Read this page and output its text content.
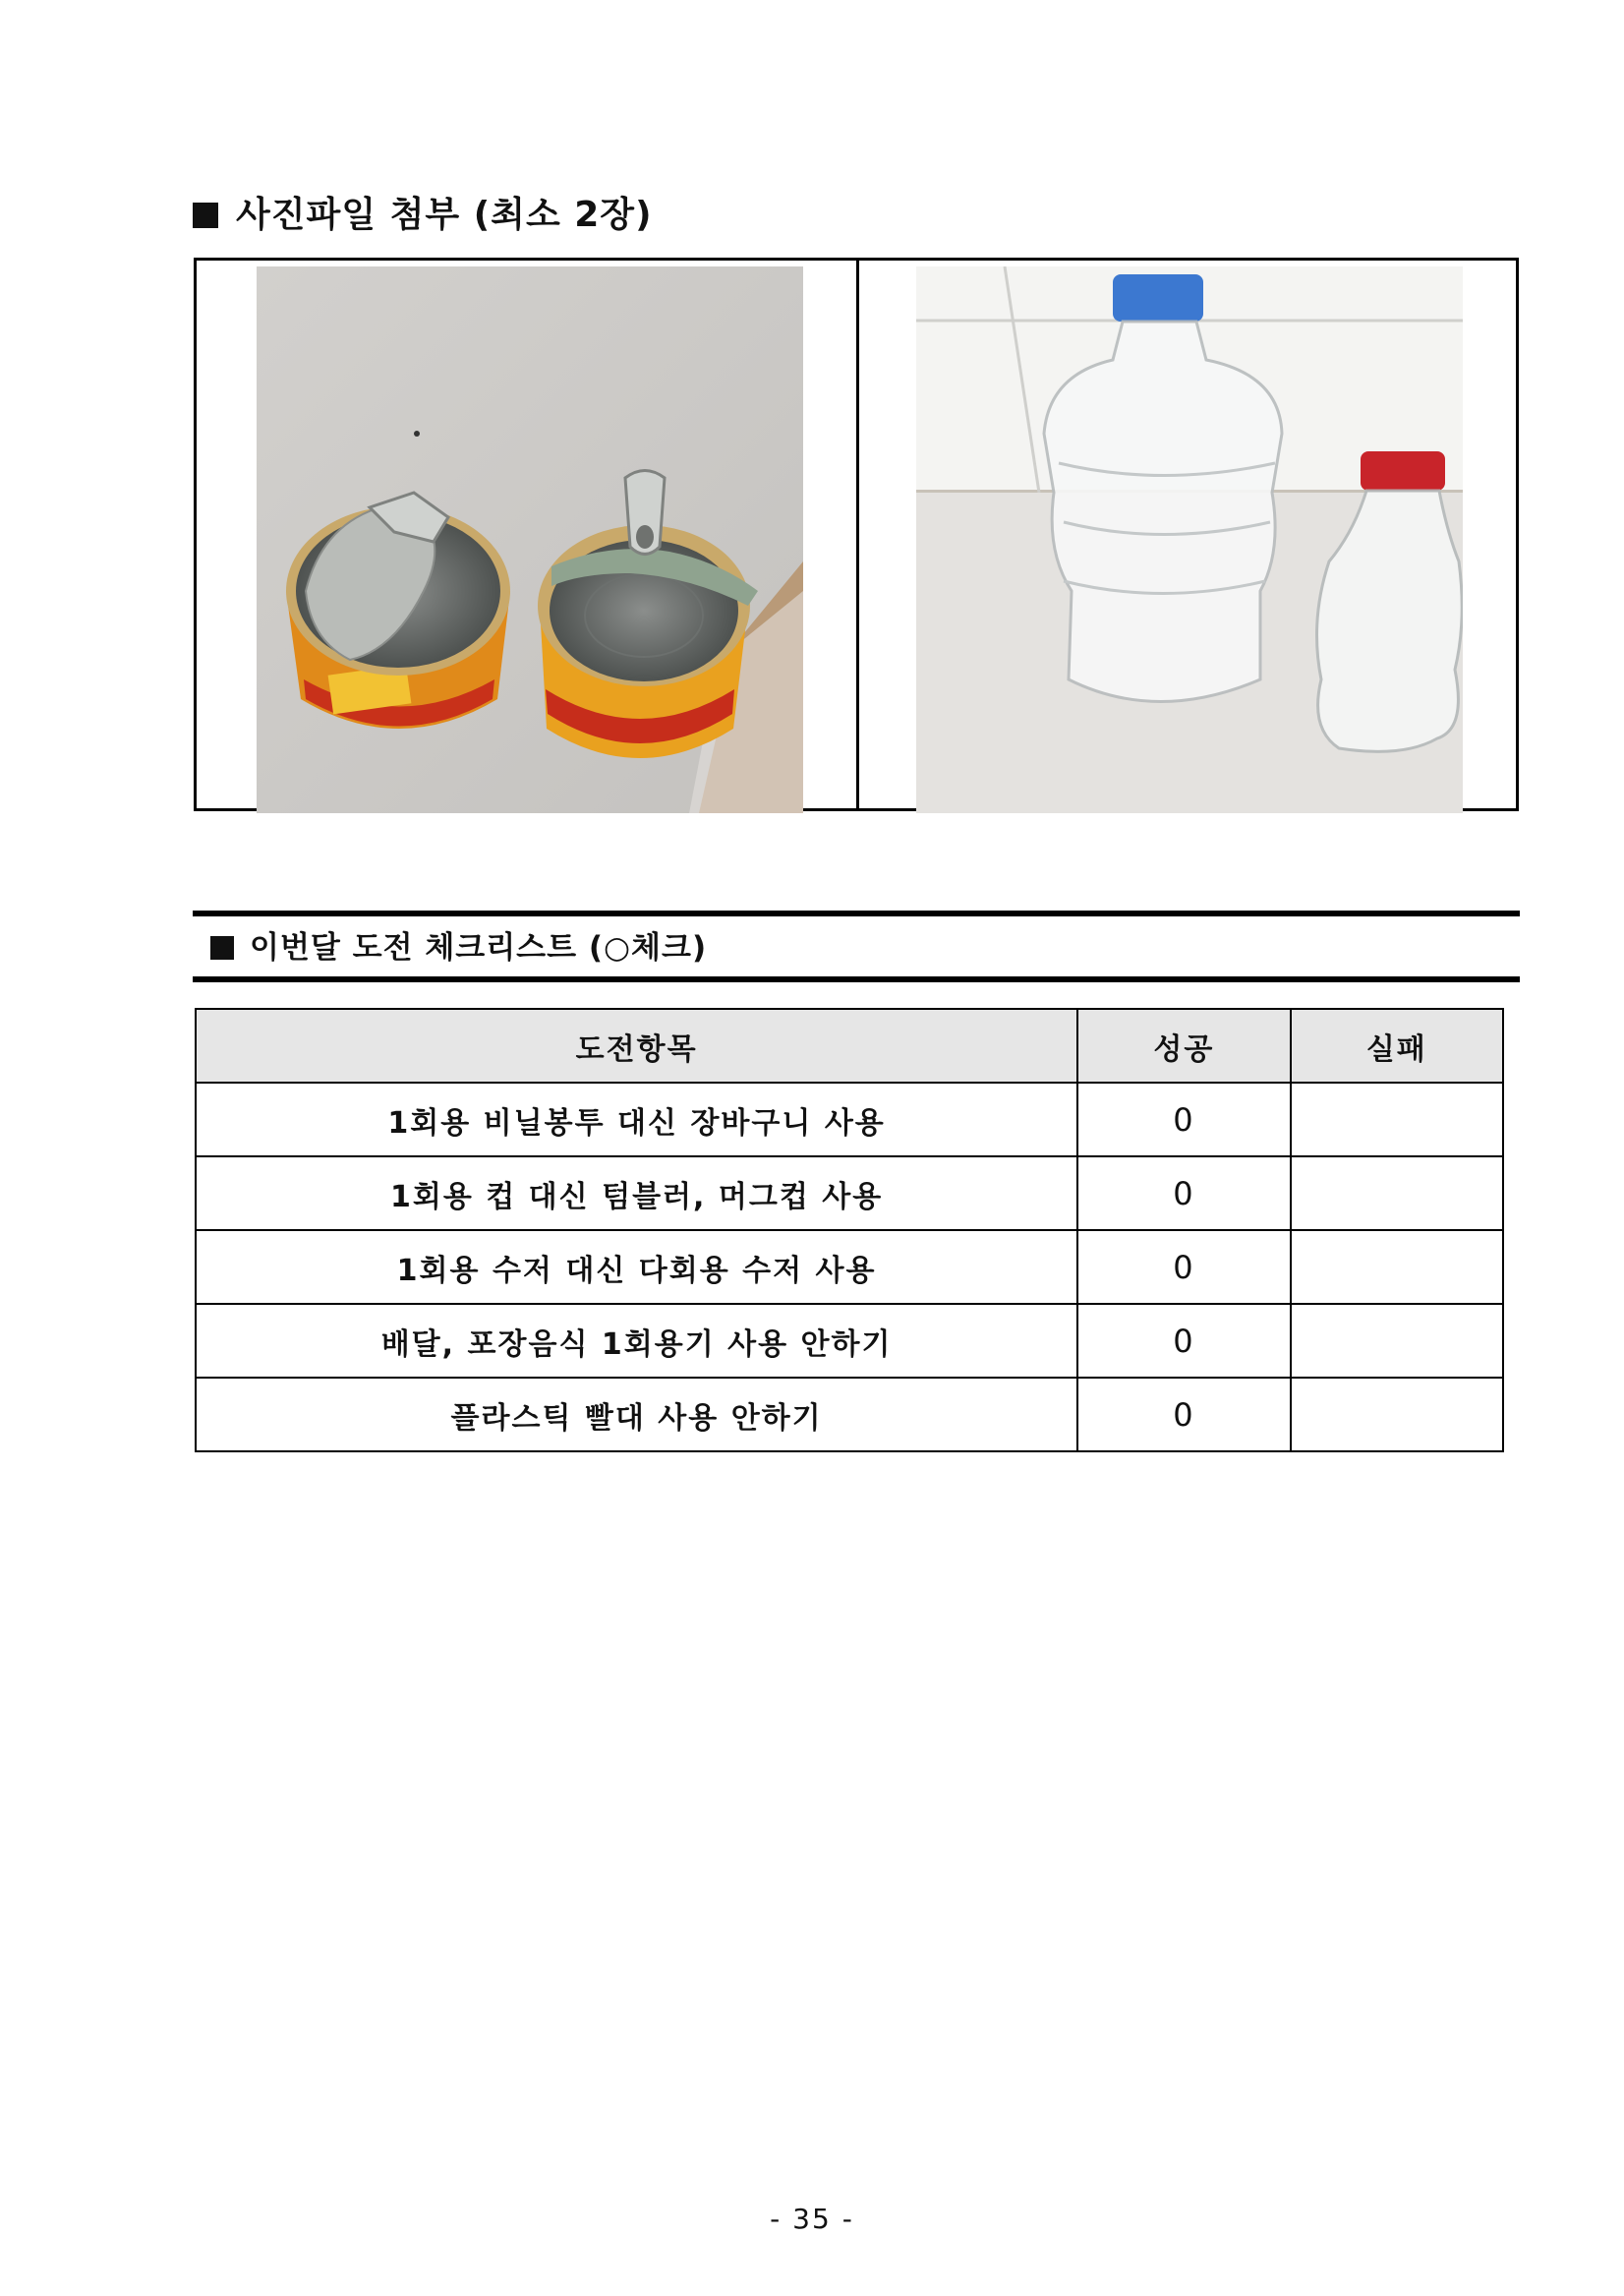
사진파일 첨부 (최소 2장)
이번달 도전 체크리스트 (○체크)
도전항목	성공	실패
1회용 비닐봉투 대신 장바구니 사용	0	
1회용 컵 대신 텀블러, 머그컵 사용	0	
1회용 수저 대신 다회용 수저 사용	0	
배달, 포장음식 1회용기 사용 안하기	0	
플라스틱 빨대 사용 안하기	0	
- 35 -
